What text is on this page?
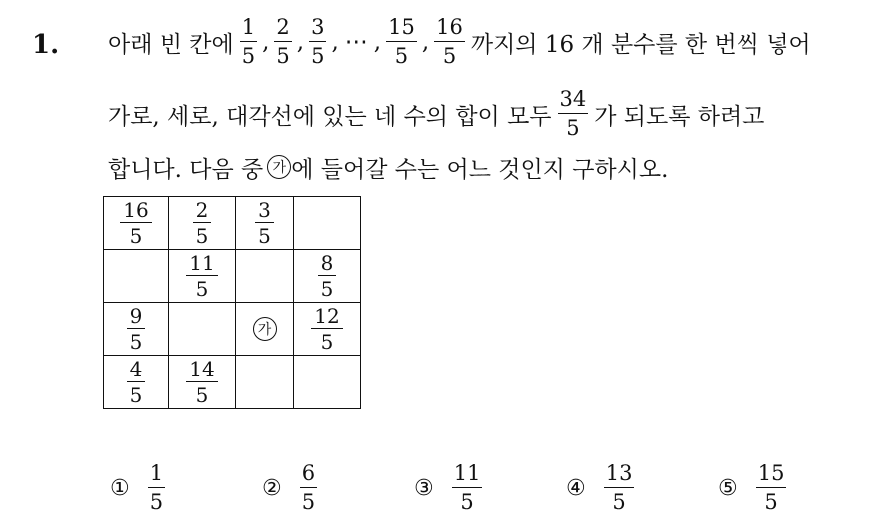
1. 아래 빈 칸에 $\frac{1}{5}$ , $\frac{2}{5}$ , $\frac{3}{5}$ , ⋯ , $\frac{15}{5}$ , $\frac{16}{5}$ 까지의 16 개 분수를 한 번씩 넣어
가로, 세로, 대각선에 있는 네 수의 합이 모두 $\frac{34}{5}$ 가 되도록 하려고
합니다. 다음 중 가 에 들어갈 수는 어느 것인지 구하시오.
$\frac{16}{5}$	$\frac{2}{5}$	$\frac{3}{5}$

	$\frac{11}{5}$		$\frac{8}{5}$

$\frac{9}{5}$		가	$\frac{12}{5}$

$\frac{4}{5}$	$\frac{14}{5}$

① $\frac{1}{5}$	② $\frac{6}{5}$	③ $\frac{11}{5}$	④ $\frac{13}{5}$	⑤ $\frac{15}{5}$
